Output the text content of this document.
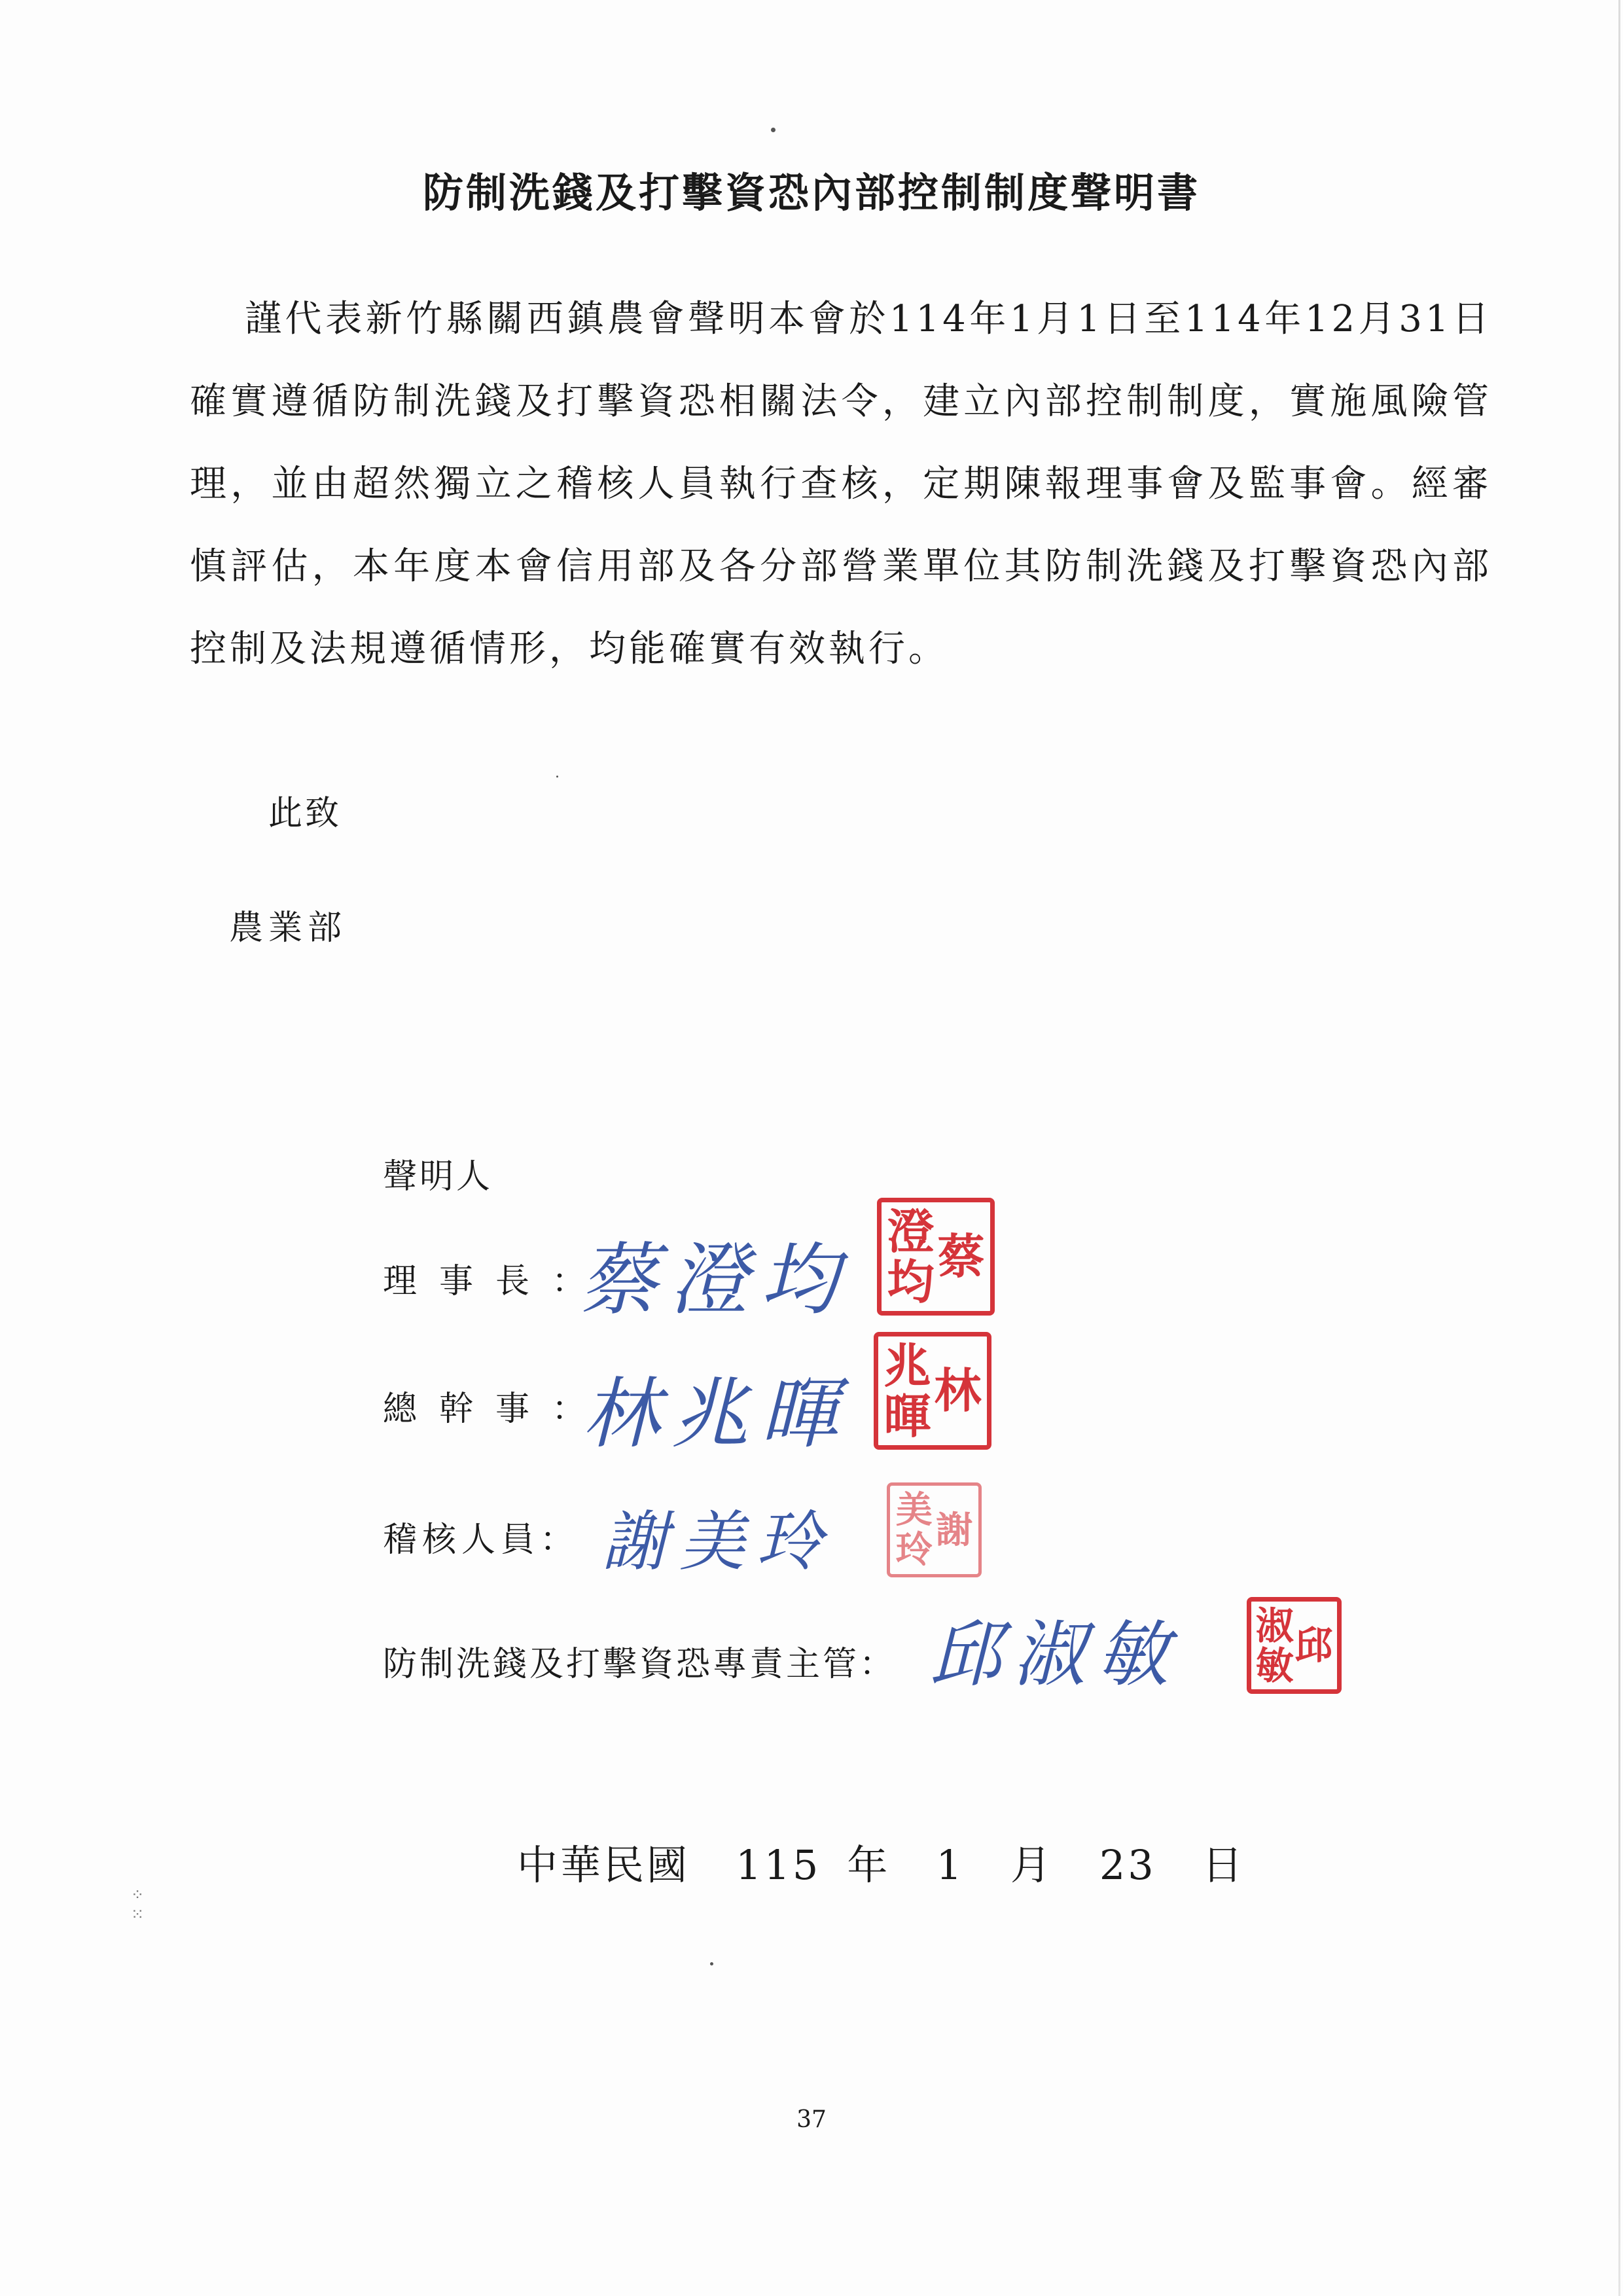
⁘
⁙
防制洗錢及打擊資恐內部控制制度聲明書

謹代表新竹縣關西鎮農會聲明本會於114年1月1日至114年12月31日確實遵循防制洗錢及打擊資恐相關法令，建立內部控制制度，實施風險管理，並由超然獨立之稽核人員執行查核，定期陳報理事會及監事會。經審慎評估，本年度本會信用部及各分部營業單位其防制洗錢及打擊資恐內部控制及法規遵循情形，均能確實有效執行。

此致
農業部
聲明人
理事長：
蔡澄均
澄
均 蔡
總幹事：
林兆暉
兆
暉 林
稽核人員： 謝美玲 美
玲 謝
防制洗錢及打擊資恐專責主管： 邱淑敏 淑
敏 邱
中華民國 115 年 1 月 23 日
37
